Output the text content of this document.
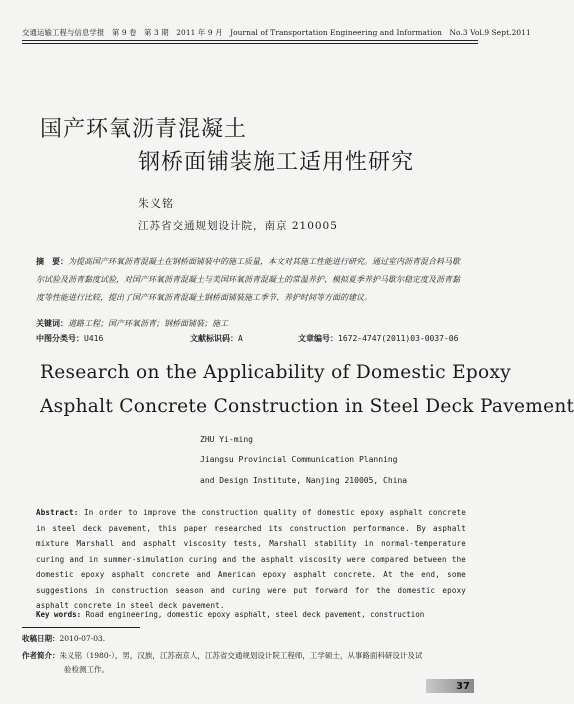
交通运输工程与信息学报　第 9 卷　第 3 期　2011 年 9 月　Journal of Transportation Engineering and Information　No.3 Vol.9 Sept.2011
国产环氧沥青混凝土
钢桥面铺装施工适用性研究
朱义铭
江苏省交通规划设计院，南京 210005
摘　要：为提高国产环氧沥青混凝土在钢桥面铺装中的施工质量，本文对其施工性能进行研究。通过室内沥青混合料马歇尔试验及沥青黏度试验，对国产环氧沥青混凝土与美国环氧沥青混凝土的常温养护、模拟夏季养护马歇尔稳定度及沥青黏度等性能进行比较，提出了国产环氧沥青混凝土钢桥面铺装施工季节、养护时间等方面的建议。
关键词：道路工程；国产环氧沥青；钢桥面铺装；施工
中图分类号：U416	文献标识码：A	文章编号：1672-4747(2011)03-0037-06
Research on the Applicability of Domestic Epoxy
Asphalt Concrete Construction in Steel Deck Pavement
ZHU Yi-ming
Jiangsu Provincial Communication Planning
and Design Institute, Nanjing 210005, China
Abstract: In order to improve the construction quality of domestic epoxy asphalt concrete in steel deck pavement, this paper researched its construction performance. By asphalt mixture Marshall and asphalt viscosity tests, Marshall stability in normal-temperature curing and in summer-simulation curing and the asphalt viscosity were compared between the domestic epoxy asphalt concrete and American epoxy asphalt concrete. At the end, some suggestions in construction season and curing were put forward for the domestic epoxy asphalt concrete in steel deck pavement.
Key words: Road engineering, domestic epoxy asphalt, steel deck pavement, construction
收稿日期：2010-07-03.
作者简介：朱义铭（1980-），男，汉族，江苏南京人，江苏省交通规划设计院工程师，工学硕士，从事路面科研设计及试
验检测工作。
37
